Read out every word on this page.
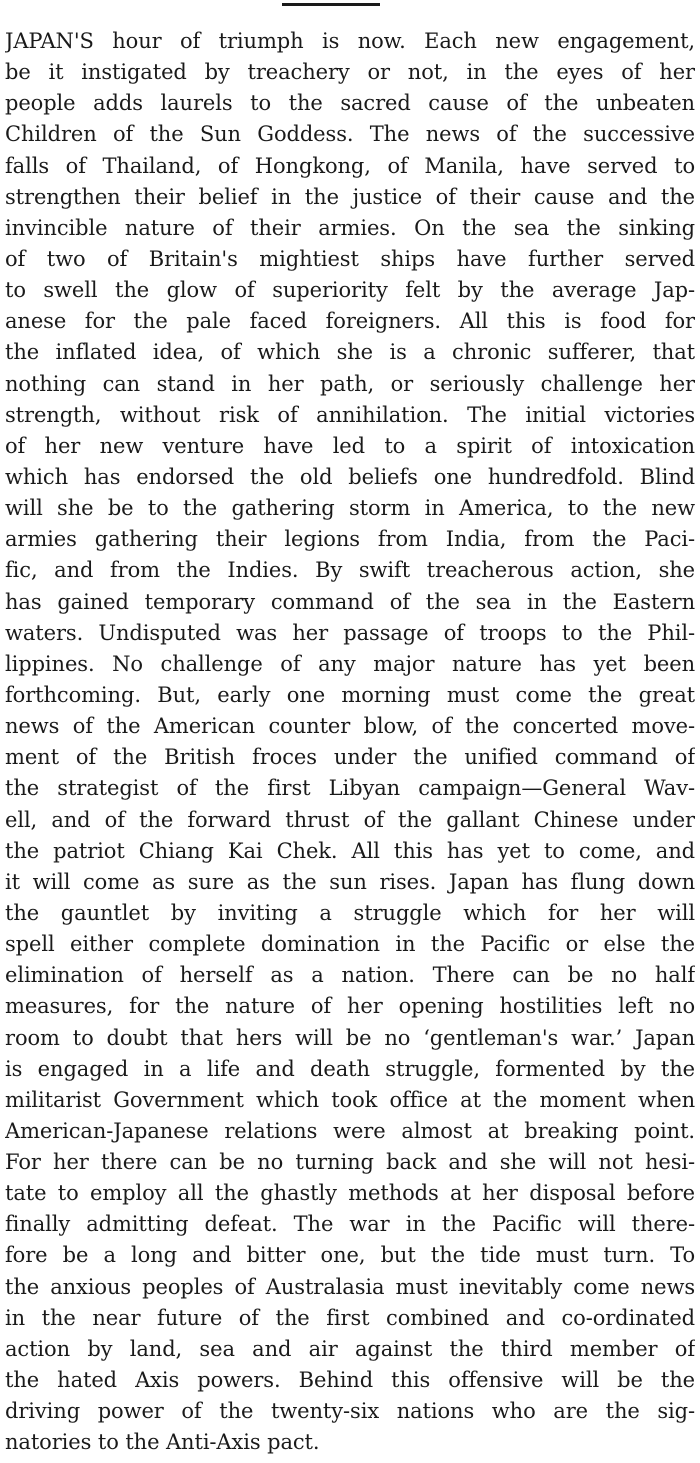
JAPAN'S hour of triumph is now. Each new engagement,
be it instigated by treachery or not, in the eyes of her
people adds laurels to the sacred cause of the unbeaten
Children of the Sun Goddess. The news of the successive
falls of Thailand, of Hongkong, of Manila, have served to
strengthen their belief in the justice of their cause and the
invincible nature of their armies. On the sea the sinking
of two of Britain's mightiest ships have further served
to swell the glow of superiority felt by the average Jap-
anese for the pale faced foreigners. All this is food for
the inflated idea, of which she is a chronic sufferer, that
nothing can stand in her path, or seriously challenge her
strength, without risk of annihilation. The initial victories
of her new venture have led to a spirit of intoxication
which has endorsed the old beliefs one hundredfold. Blind
will she be to the gathering storm in America, to the new
armies gathering their legions from India, from the Paci-
fic, and from the Indies. By swift treacherous action, she
has gained temporary command of the sea in the Eastern
waters. Undisputed was her passage of troops to the Phil-
lippines. No challenge of any major nature has yet been
forthcoming. But, early one morning must come the great
news of the American counter blow, of the concerted move-
ment of the British froces under the unified command of
the strategist of the first Libyan campaign—General Wav-
ell, and of the forward thrust of the gallant Chinese under
the patriot Chiang Kai Chek. All this has yet to come, and
it will come as sure as the sun rises. Japan has flung down
the gauntlet by inviting a struggle which for her will
spell either complete domination in the Pacific or else the
elimination of herself as a nation. There can be no half
measures, for the nature of her opening hostilities left no
room to doubt that hers will be no ‘gentleman's war.’ Japan
is engaged in a life and death struggle, formented by the
militarist Government which took office at the moment when
American-Japanese relations were almost at breaking point.
For her there can be no turning back and she will not hesi-
tate to employ all the ghastly methods at her disposal before
finally admitting defeat. The war in the Pacific will there-
fore be a long and bitter one, but the tide must turn. To
the anxious peoples of Australasia must inevitably come news
in the near future of the first combined and co-ordinated
action by land, sea and air against the third member of
the hated Axis powers. Behind this offensive will be the
driving power of the twenty-six nations who are the sig-
natories to the Anti-Axis pact.
